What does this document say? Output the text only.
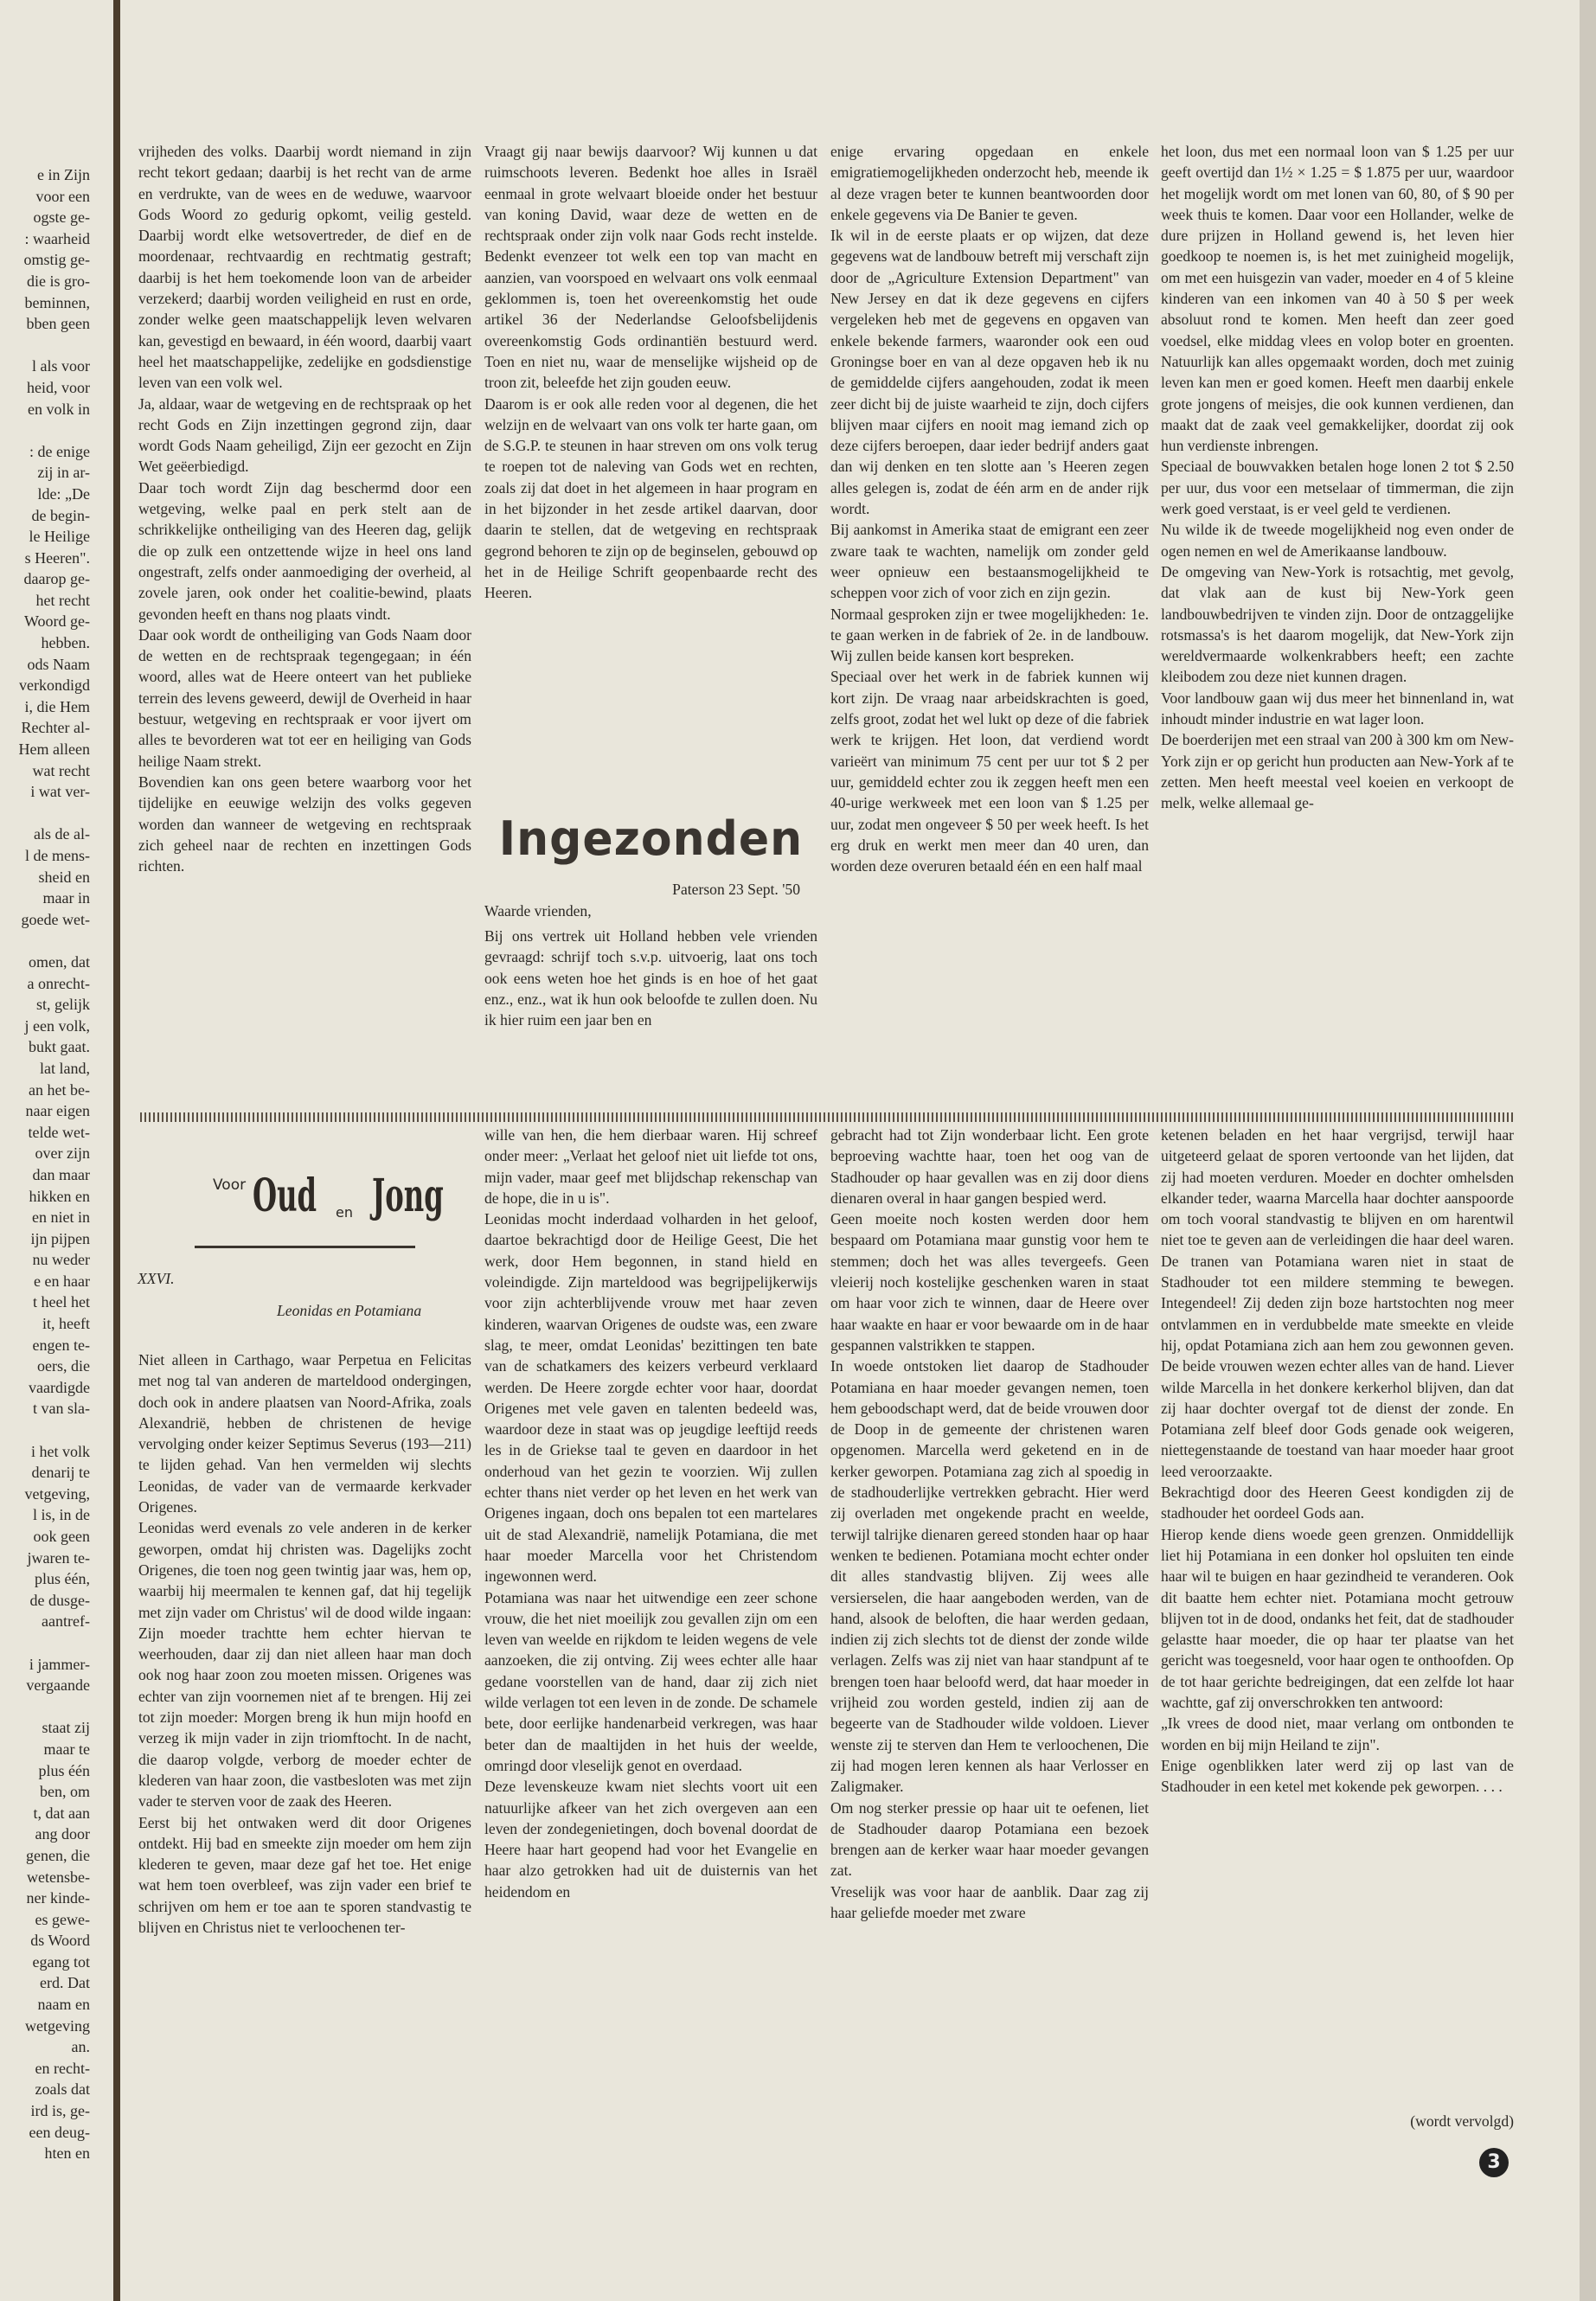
e in Zijn
voor een
ogste ge-
: waarheid
omstig ge-
die is gro-
beminnen,
bben geen
l als voor
heid, voor
en volk in
: de enige
zij in ar-
lde: „De
de begin-
le Heilige
s Heeren".
daarop ge-
het recht
Woord ge-
hebben.
ods Naam
verkondigd
i, die Hem
Rechter al-
Hem alleen
wat recht
i wat ver-
als de al-
l de mens-
sheid en
maar in
goede wet-
omen, dat
a onrecht-
st, gelijk
j een volk,
bukt gaat.
lat land,
an het be-
naar eigen
telde wet-
over zijn
dan maar
hikken en
en niet in
ijn pijpen
nu weder
e en haar
t heel het
it, heeft
engen te-
oers, die
vaardigde
t van sla-
i het volk
denarij te
vetgeving,
l is, in de
ook geen
jwaren te-
plus één,
de dusge-
aantref-
i jammer-
vergaande
staat zij
maar te
plus één
ben, om
t, dat aan
ang door
genen, die
wetensbe-
ner kinde-
es gewe-
ds Woord
egang tot
erd. Dat
naam en
wetgeving
an.
en recht-
zoals dat
ird is, ge-
een deug-
hten en

vrijheden des volks. Daarbij wordt niemand in zijn recht tekort gedaan; daarbij is het recht van de arme en verdrukte, van de wees en de weduwe, waarvoor Gods Woord zo gedurig opkomt, veilig gesteld. Daarbij wordt elke wetsovertreder, de dief en de moordenaar, rechtvaardig en rechtmatig gestraft; daarbij is het hem toekomende loon van de arbeider verzekerd; daarbij worden veiligheid en rust en orde, zonder welke geen maatschappelijk leven welvaren kan, gevestigd en bewaard, in één woord, daarbij vaart heel het maatschappelijke, zedelijke en godsdienstige leven van een volk wel.

Ja, aldaar, waar de wetgeving en de rechtspraak op het recht Gods en Zijn inzettingen gegrond zijn, daar wordt Gods Naam geheiligd, Zijn eer gezocht en Zijn Wet geëerbiedigd.

Daar toch wordt Zijn dag beschermd door een wetgeving, welke paal en perk stelt aan de schrikkelijke ontheiliging van des Heeren dag, gelijk die op zulk een ontzettende wijze in heel ons land ongestraft, zelfs onder aanmoediging der overheid, al zovele jaren, ook onder het coalitie-bewind, plaats gevonden heeft en thans nog plaats vindt.

Daar ook wordt de ontheiliging van Gods Naam door de wetten en de rechtspraak tegengegaan; in één woord, alles wat de Heere onteert van het publieke terrein des levens geweerd, dewijl de Overheid in haar bestuur, wetgeving en rechtspraak er voor ijvert om alles te bevorderen wat tot eer en heiliging van Gods heilige Naam strekt.

Bovendien kan ons geen betere waarborg voor het tijdelijke en eeuwige welzijn des volks gegeven worden dan wanneer de wetgeving en rechtspraak zich geheel naar de rechten en inzettingen Gods richten.

Vraagt gij naar bewijs daarvoor? Wij kunnen u dat ruimschoots leveren. Bedenkt hoe alles in Israël eenmaal in grote welvaart bloeide onder het bestuur van koning David, waar deze de wetten en de rechtspraak onder zijn volk naar Gods recht instelde. Bedenkt evenzeer tot welk een top van macht en aanzien, van voorspoed en welvaart ons volk eenmaal geklommen is, toen het overeenkomstig het oude artikel 36 der Nederlandse Geloofsbelijdenis overeenkomstig Gods ordinantiën bestuurd werd. Toen en niet nu, waar de menselijke wijsheid op de troon zit, beleefde het zijn gouden eeuw.

Daarom is er ook alle reden voor al degenen, die het welzijn en de welvaart van ons volk ter harte gaan, om de S.G.P. te steunen in haar streven om ons volk terug te roepen tot de naleving van Gods wet en rechten, zoals zij dat doet in het algemeen in haar program en in het bijzonder in het zesde artikel daarvan, door daarin te stellen, dat de wetgeving en rechtspraak gegrond behoren te zijn op de beginselen, gebouwd op het in de Heilige Schrift geopenbaarde recht des Heeren.

Ingezonden
Paterson 23 Sept. '50
Waarde vrienden,

Bij ons vertrek uit Holland hebben vele vrienden gevraagd: schrijf toch s.v.p. uitvoerig, laat ons toch ook eens weten hoe het ginds is en hoe of het gaat enz., enz., wat ik hun ook beloofde te zullen doen. Nu ik hier ruim een jaar ben en

enige ervaring opgedaan en enkele emigratiemogelijkheden onderzocht heb, meende ik al deze vragen beter te kunnen beantwoorden door enkele gegevens via De Banier te geven.

Ik wil in de eerste plaats er op wijzen, dat deze gegevens wat de landbouw betreft mij verschaft zijn door de „Agriculture Extension Department" van New Jersey en dat ik deze gegevens en cijfers vergeleken heb met de gegevens en opgaven van enkele bekende farmers, waaronder ook een oud Groningse boer en van al deze opgaven heb ik nu de gemiddelde cijfers aangehouden, zodat ik meen zeer dicht bij de juiste waarheid te zijn, doch cijfers blijven maar cijfers en nooit mag iemand zich op deze cijfers beroepen, daar ieder bedrijf anders gaat dan wij denken en ten slotte aan 's Heeren zegen alles gelegen is, zodat de één arm en de ander rijk wordt.

Bij aankomst in Amerika staat de emigrant een zeer zware taak te wachten, namelijk om zonder geld weer opnieuw een bestaansmogelijkheid te scheppen voor zich of voor zich en zijn gezin.

Normaal gesproken zijn er twee mogelijkheden: 1e. te gaan werken in de fabriek of 2e. in de landbouw. Wij zullen beide kansen kort bespreken.

Speciaal over het werk in de fabriek kunnen wij kort zijn. De vraag naar arbeidskrachten is goed, zelfs groot, zodat het wel lukt op deze of die fabriek werk te krijgen. Het loon, dat verdiend wordt varieërt van minimum 75 cent per uur tot $ 2 per uur, gemiddeld echter zou ik zeggen heeft men een 40-urige werkweek met een loon van $ 1.25 per uur, zodat men ongeveer $ 50 per week heeft. Is het erg druk en werkt men meer dan 40 uren, dan worden deze overuren betaald één en een half maal

het loon, dus met een normaal loon van $ 1.25 per uur geeft overtijd dan 1½ × 1.25 = $ 1.875 per uur, waardoor het mogelijk wordt om met lonen van 60, 80, of $ 90 per week thuis te komen. Daar voor een Hollander, welke de dure prijzen in Holland gewend is, het leven hier goedkoop te noemen is, is het met zuinigheid mogelijk, om met een huisgezin van vader, moeder en 4 of 5 kleine kinderen van een inkomen van 40 à 50 $ per week absoluut rond te komen. Men heeft dan zeer goed voedsel, elke middag vlees en volop boter en groenten. Natuurlijk kan alles opgemaakt worden, doch met zuinig leven kan men er goed komen. Heeft men daarbij enkele grote jongens of meisjes, die ook kunnen verdienen, dan maakt dat de zaak veel gemakkelijker, doordat zij ook hun verdienste inbrengen.

Speciaal de bouwvakken betalen hoge lonen 2 tot $ 2.50 per uur, dus voor een metselaar of timmerman, die zijn werk goed verstaat, is er veel geld te verdienen.

Nu wilde ik de tweede mogelijkheid nog even onder de ogen nemen en wel de Amerikaanse landbouw.

De omgeving van New-York is rotsachtig, met gevolg, dat vlak aan de kust bij New-York geen landbouwbedrijven te vinden zijn. Door de ontzaggelijke rotsmassa's is het daarom mogelijk, dat New-York zijn wereldvermaarde wolkenkrabbers heeft; een zachte kleibodem zou deze niet kunnen dragen.

Voor landbouw gaan wij dus meer het binnenland in, wat inhoudt minder industrie en wat lager loon.

De boerderijen met een straal van 200 à 300 km om New-York zijn er op gericht hun producten aan New-York af te zetten. Men heeft meestal veel koeien en verkoopt de melk, welke allemaal ge-

Voor Oud en Jong
XXVI.
Leonidas en Potamiana

Niet alleen in Carthago, waar Perpetua en Felicitas met nog tal van anderen de marteldood ondergingen, doch ook in andere plaatsen van Noord-Afrika, zoals Alexandrië, hebben de christenen de hevige vervolging onder keizer Septimus Severus (193—211) te lijden gehad. Van hen vermelden wij slechts Leonidas, de vader van de vermaarde kerkvader Origenes.

Leonidas werd evenals zo vele anderen in de kerker geworpen, omdat hij christen was. Dagelijks zocht Origenes, die toen nog geen twintig jaar was, hem op, waarbij hij meermalen te kennen gaf, dat hij tegelijk met zijn vader om Christus' wil de dood wilde ingaan: Zijn moeder trachtte hem echter hiervan te weerhouden, daar zij dan niet alleen haar man doch ook nog haar zoon zou moeten missen. Origenes was echter van zijn voornemen niet af te brengen. Hij zei tot zijn moeder: Morgen breng ik hun mijn hoofd en verzeg ik mijn vader in zijn triomftocht. In de nacht, die daarop volgde, verborg de moeder echter de klederen van haar zoon, die vastbesloten was met zijn vader te sterven voor de zaak des Heeren.

Eerst bij het ontwaken werd dit door Origenes ontdekt. Hij bad en smeekte zijn moeder om hem zijn klederen te geven, maar deze gaf het toe. Het enige wat hem toen overbleef, was zijn vader een brief te schrijven om hem er toe aan te sporen standvastig te blijven en Christus niet te verloochenen ter-

wille van hen, die hem dierbaar waren. Hij schreef onder meer: „Verlaat het geloof niet uit liefde tot ons, mijn vader, maar geef met blijdschap rekenschap van de hope, die in u is".

Leonidas mocht inderdaad volharden in het geloof, daartoe bekrachtigd door de Heilige Geest, Die het werk, door Hem begonnen, in stand hield en voleindigde. Zijn marteldood was begrijpelijkerwijs voor zijn achterblijvende vrouw met haar zeven kinderen, waarvan Origenes de oudste was, een zware slag, te meer, omdat Leonidas' bezittingen ten bate van de schatkamers des keizers verbeurd verklaard werden. De Heere zorgde echter voor haar, doordat Origenes met vele gaven en talenten bedeeld was, waardoor deze in staat was op jeugdige leeftijd reeds les in de Griekse taal te geven en daardoor in het onderhoud van het gezin te voorzien. Wij zullen echter thans niet verder op het leven en het werk van Origenes ingaan, doch ons bepalen tot een martelares uit de stad Alexandrië, namelijk Potamiana, die met haar moeder Marcella voor het Christendom ingewonnen werd.

Potamiana was naar het uitwendige een zeer schone vrouw, die het niet moeilijk zou gevallen zijn om een leven van weelde en rijkdom te leiden wegens de vele aanzoeken, die zij ontving. Zij wees echter alle haar gedane voorstellen van de hand, daar zij zich niet wilde verlagen tot een leven in de zonde. De schamele bete, door eerlijke handenarbeid verkregen, was haar beter dan de maaltijden in het huis der weelde, omringd door vleselijk genot en overdaad.

Deze levenskeuze kwam niet slechts voort uit een natuurlijke afkeer van het zich overgeven aan een leven der zondegenietingen, doch bovenal doordat de Heere haar hart geopend had voor het Evangelie en haar alzo getrokken had uit de duisternis van het heidendom en

gebracht had tot Zijn wonderbaar licht. Een grote beproeving wachtte haar, toen het oog van de Stadhouder op haar gevallen was en zij door diens dienaren overal in haar gangen bespied werd.

Geen moeite noch kosten werden door hem bespaard om Potamiana maar gunstig voor hem te stemmen; doch het was alles tevergeefs. Geen vleierij noch kostelijke geschenken waren in staat om haar voor zich te winnen, daar de Heere over haar waakte en haar er voor bewaarde om in de haar gespannen valstrikken te stappen.

In woede ontstoken liet daarop de Stadhouder Potamiana en haar moeder gevangen nemen, toen hem geboodschapt werd, dat de beide vrouwen door de Doop in de gemeente der christenen waren opgenomen. Marcella werd geketend en in de kerker geworpen. Potamiana zag zich al spoedig in de stadhouderlijke vertrekken gebracht. Hier werd zij overladen met ongekende pracht en weelde, terwijl talrijke dienaren gereed stonden haar op haar wenken te bedienen. Potamiana mocht echter onder dit alles standvastig blijven. Zij wees alle versierselen, die haar aangeboden werden, van de hand, alsook de beloften, die haar werden gedaan, indien zij zich slechts tot de dienst der zonde wilde verlagen. Zelfs was zij niet van haar standpunt af te brengen toen haar beloofd werd, dat haar moeder in vrijheid zou worden gesteld, indien zij aan de begeerte van de Stadhouder wilde voldoen. Liever wenste zij te sterven dan Hem te verloochenen, Die zij had mogen leren kennen als haar Verlosser en Zaligmaker.

Om nog sterker pressie op haar uit te oefenen, liet de Stadhouder daarop Potamiana een bezoek brengen aan de kerker waar haar moeder gevangen zat.

Vreselijk was voor haar de aanblik. Daar zag zij haar geliefde moeder met zware

ketenen beladen en het haar vergrijsd, terwijl haar uitgeteerd gelaat de sporen vertoonde van het lijden, dat zij had moeten verduren. Moeder en dochter omhelsden elkander teder, waarna Marcella haar dochter aanspoorde om toch vooral standvastig te blijven en om harentwil niet toe te geven aan de verleidingen die haar deel waren. De tranen van Potamiana waren niet in staat de Stadhouder tot een mildere stemming te bewegen. Integendeel! Zij deden zijn boze hartstochten nog meer ontvlammen en in verdubbelde mate smeekte en vleide hij, opdat Potamiana zich aan hem zou gewonnen geven. De beide vrouwen wezen echter alles van de hand. Liever wilde Marcella in het donkere kerkerhol blijven, dan dat zij haar dochter overgaf tot de dienst der zonde. En Potamiana zelf bleef door Gods genade ook weigeren, niettegenstaande de toestand van haar moeder haar groot leed veroorzaakte.

Bekrachtigd door des Heeren Geest kondigden zij de stadhouder het oordeel Gods aan.

Hierop kende diens woede geen grenzen. Onmiddellijk liet hij Potamiana in een donker hol opsluiten ten einde haar wil te buigen en haar gezindheid te veranderen. Ook dit baatte hem echter niet. Potamiana mocht getrouw blijven tot in de dood, ondanks het feit, dat de stadhouder gelastte haar moeder, die op haar ter plaatse van het gericht was toegesneld, voor haar ogen te onthoofden. Op de tot haar gerichte bedreigingen, dat een zelfde lot haar wachtte, gaf zij onverschrokken ten antwoord:

„Ik vrees de dood niet, maar verlang om ontbonden te worden en bij mijn Heiland te zijn".

Enige ogenblikken later werd zij op last van de Stadhouder in een ketel met kokende pek geworpen. . . .

(wordt vervolgd)
3
